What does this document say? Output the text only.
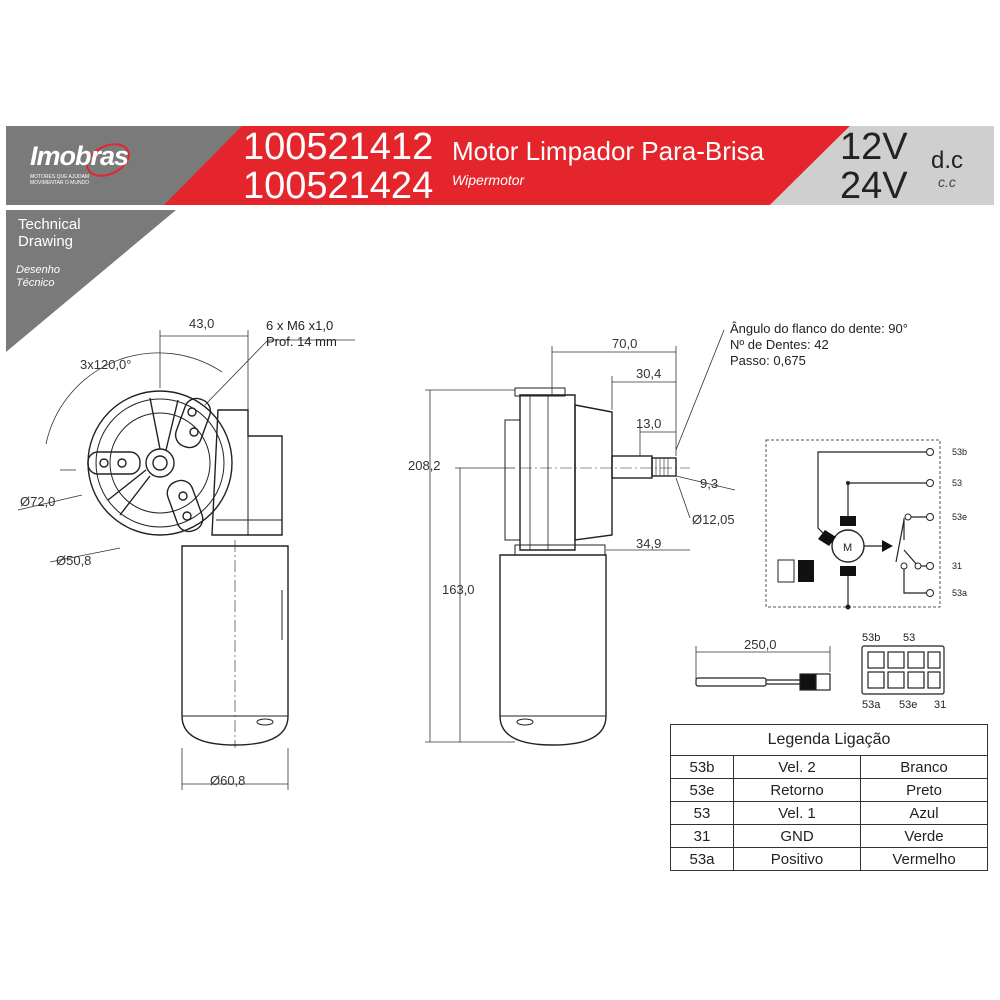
Imobras
MOTORES QUE AJUDAM
MOVIMENTAR O MUNDO
100521412
100521424
Motor Limpador Para-Brisa
Wipermotor
12V
24V
d.c
c.c
Technical Drawing
Desenho Técnico
43,0	6 x M6 x1,0
Prof. 14 mm
3x120,0°
Ø72,0
Ø50,8
Ø60,8
70,0
30,4
13,0
9,3
Ø12,05
34,9
208,2
163,0
Ângulo do flanco do dente: 90°
Nº de Dentes: 42
Passo: 0,675
M
53b
53
53e
31
53a
250,0	53b 53
53a 53e 31
Legenda Ligação		
53b	Vel. 2	Branco
53e	Retorno	Preto
53	Vel. 1	Azul
31	GND	Verde
53a	Positivo	Vermelho
